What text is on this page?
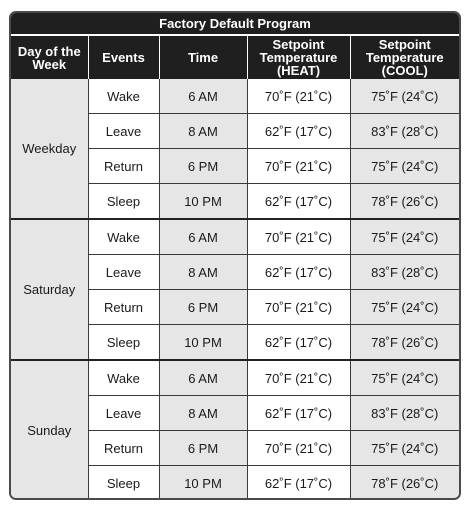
Factory Default Program
Day of the Week	Events	Time	Setpoint Temperature (HEAT)	Setpoint Temperature (COOL)
Weekday	Wake	6 AM	70˚F (21˚C)	75˚F (24˚C)
	Leave	8 AM	62˚F (17˚C)	83˚F (28˚C)
	Return	6 PM	70˚F (21˚C)	75˚F (24˚C)
	Sleep	10 PM	62˚F (17˚C)	78˚F (26˚C)
Saturday	Wake	6 AM	70˚F (21˚C)	75˚F (24˚C)
	Leave	8 AM	62˚F (17˚C)	83˚F (28˚C)
	Return	6 PM	70˚F (21˚C)	75˚F (24˚C)
	Sleep	10 PM	62˚F (17˚C)	78˚F (26˚C)
Sunday	Wake	6 AM	70˚F (21˚C)	75˚F (24˚C)
	Leave	8 AM	62˚F (17˚C)	83˚F (28˚C)
	Return	6 PM	70˚F (21˚C)	75˚F (24˚C)
	Sleep	10 PM	62˚F (17˚C)	78˚F (26˚C)
